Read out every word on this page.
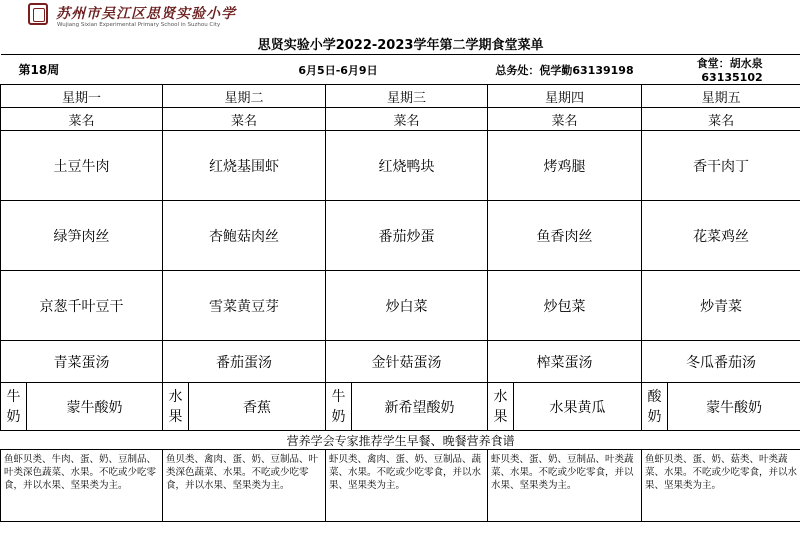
苏州市吴江区思贤实验小学
Wujiang Sixian Experimental Primary School in Suzhou City
思贤实验小学2022-2023学年第二学期食堂菜单									
第18周			6月5日-6月9日			总务处：倪学勤63139198		食堂：胡水泉63135102	
星期一		星期二		星期三		星期四		星期五	
菜名		菜名		菜名		菜名		菜名	
土豆牛肉		红烧基围虾		红烧鸭块		烤鸡腿		香干肉丁	
绿笋肉丝		杏鲍菇肉丝		番茄炒蛋		鱼香肉丝		花菜鸡丝	
京葱千叶豆干		雪菜黄豆芽		炒白菜		炒包菜		炒青菜	
青菜蛋汤		番茄蛋汤		金针菇蛋汤		榨菜蛋汤		冬瓜番茄汤	
牛奶	蒙牛酸奶	水果	香蕉	牛奶	新希望酸奶	水果	水果黄瓜	酸奶	蒙牛酸奶
营养学会专家推荐学生早餐、晚餐营养食谱									
鱼虾贝类、牛肉、蛋、奶、豆制品、叶类深色蔬菜、水果。不吃或少吃零食，并以水果、坚果类为主。		鱼贝类、禽肉、蛋、奶、豆制品、叶类深色蔬菜、水果。不吃或少吃零食，并以水果、坚果类为主。		虾贝类、禽肉、蛋、奶、豆制品、蔬菜、水果。不吃或少吃零食，并以水果、坚果类为主。		虾贝类、蛋、奶、豆制品、叶类蔬菜、水果。不吃或少吃零食，并以水果、坚果类为主。		鱼虾贝类、蛋、奶、菇类、叶类蔬菜、水果。不吃或少吃零食，并以水果、坚果类为主。	
